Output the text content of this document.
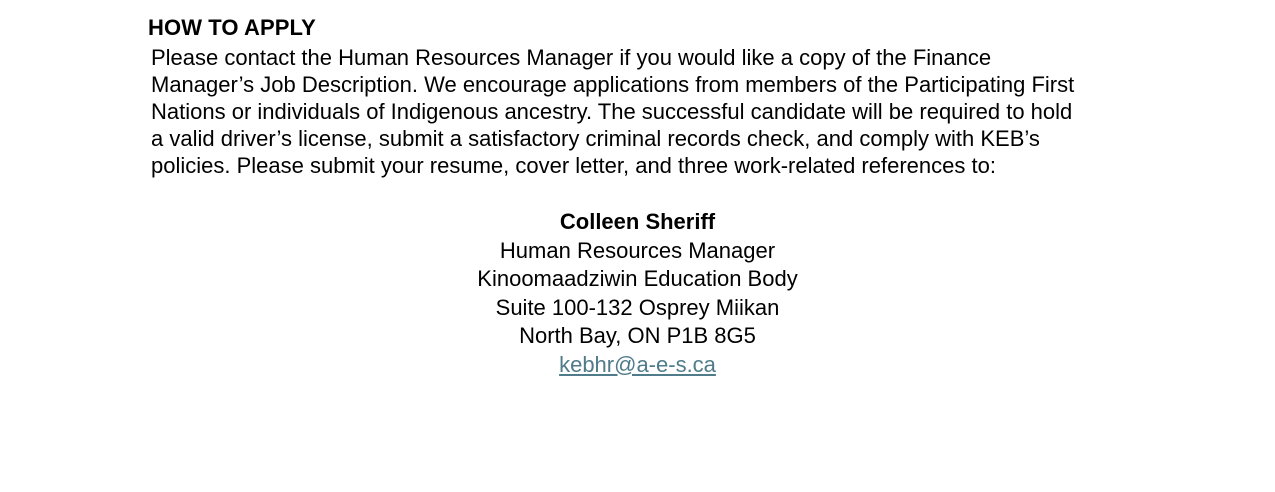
HOW TO APPLY
Please contact the Human Resources Manager if you would like a copy of the Finance
Manager’s Job Description. We encourage applications from members of the Participating First
Nations or individuals of Indigenous ancestry. The successful candidate will be required to hold
a valid driver’s license, submit a satisfactory criminal records check, and comply with KEB’s
policies. Please submit your resume, cover letter, and three work-related references to:
Colleen Sheriff
Human Resources Manager
Kinoomaadziwin Education Body
Suite 100-132 Osprey Miikan
North Bay, ON P1B 8G5
kebhr@a-e-s.ca
